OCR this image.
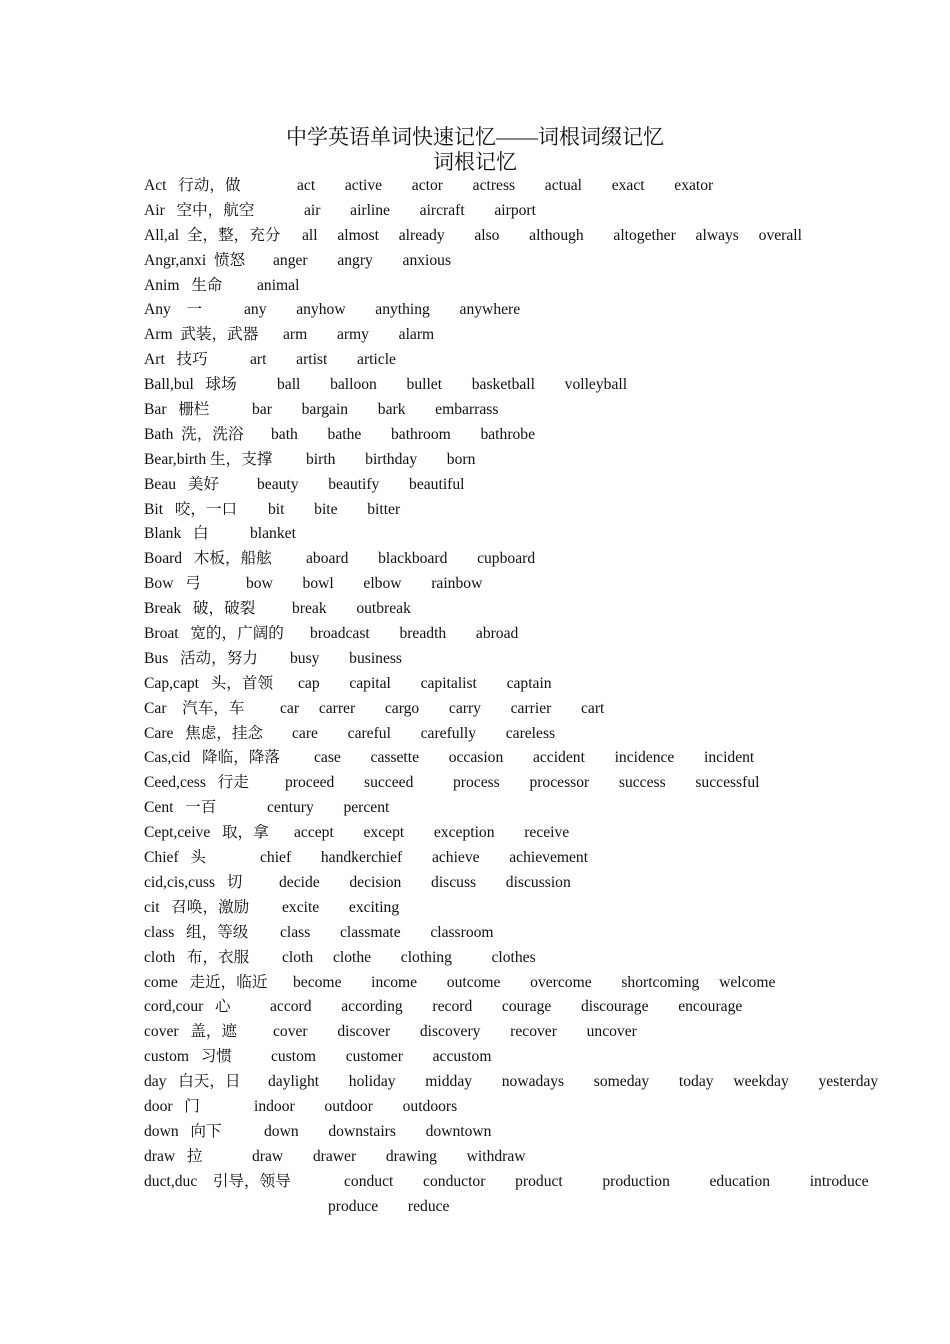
中学英语单词快速记忆——词根词缀记忆
词根记忆
Act   行动，做	act   active   actor   actress   actual   exact   exator
Air   空中，航空	air   airline   aircraft   airport
All,al  全，整，充分 all  almost  already   also   although   altogether  always  overall
Angr,anxi  愤怒 anger   angry   anxious
Anim   生命 animal
Any    一	any   anyhow   anything   anywhere
Arm  武装，武器 arm   army   alarm
Art   技巧	art   artist   article
Ball,bul   球场	ball   balloon   bullet   basketball   volleyball
Bar   栅栏	bar   bargain   bark   embarrass
Bath  洗，洗浴 bath   bathe   bathroom   bathrobe
Bear,birth 生，支撑 birth   birthday   born
Beau   美好 beauty   beautify   beautiful
Bit   咬，一口 bit   bite   bitter
Blank   白	blanket
Board   木板，船舷 aboard   blackboard   cupboard
Bow   弓	bow   bowl   elbow   rainbow
Break   破，破裂 break   outbreak
Broat   宽的，广阔的 broadcast   breadth   abroad
Bus   活动，努力 busy   business
Cap,capt   头，首领 cap   capital   capitalist   captain
Car    汽车，车 car  carrer   cargo   carry   carrier   cart
Care   焦虑，挂念 care   careful   carefully   careless
Cas,cid   降临，降落 case   cassette   occasion   accident   incidence   incident
Ceed,cess   行走 proceed   succeed    process   processor   success   successful
Cent   一百	century   percent
Cept,ceive   取，拿 accept   except   exception   receive
Chief   头	chief   handkerchief   achieve   achievement
cid,cis,cuss   切 decide   decision   discuss   discussion
cit   召唤，激励 excite   exciting
class   组，等级 class   classmate   classroom
cloth   布，衣服 cloth  clothe   clothing    clothes
come   走近，临近 become   income   outcome   overcome   shortcoming  welcome
cord,cour   心	accord   according   record   courage   discourage   encourage
cover   盖，遮 cover   discover   discovery   recover   uncover
custom   习惯	custom   customer   accustom
day   白天，日 daylight   holiday   midday   nowadays   someday   today  weekday   yesterday
door   门	indoor   outdoor   outdoors
down   向下	down   downstairs   downtown
draw   拉	draw   drawer   drawing   withdraw
duct,duc    引导，领导	conduct   conductor   product    production    education    introduce
produce   reduce
